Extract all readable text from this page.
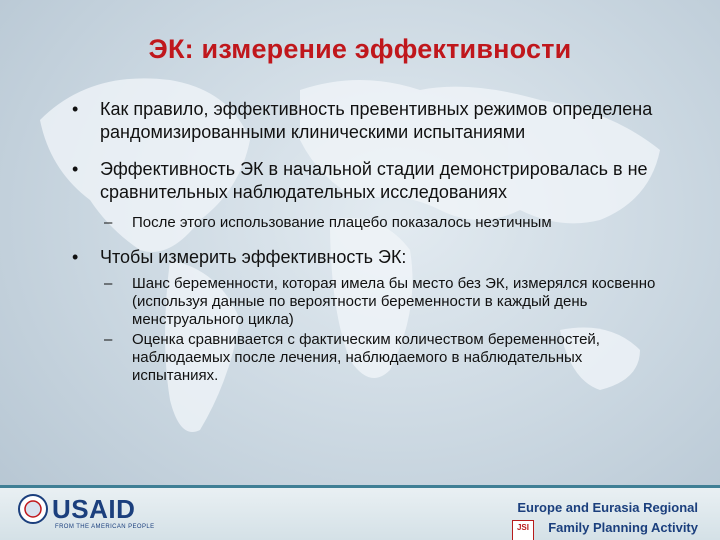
ЭК: измерение эффективности
• Как правило, эффективность превентивных режимов определена рандомизированными клиническими испытаниями
• Эффективность ЭК в начальной стадии демонстрировалась в не сравнительных наблюдательных исследованиях
– После этого использование плацебо показалось неэтичным
• Чтобы измерить эффективность ЭК:
– Шанс беременности, которая имела бы место без ЭК, измерялся косвенно (используя данные по вероятности беременности в каждый день менструального цикла)
– Оценка сравнивается с фактическим количеством беременностей, наблюдаемых после лечения, наблюдаемого в наблюдательных испытаниях.
USAID
FROM THE AMERICAN PEOPLE
Europe and Eurasia Regional
JSI	Family Planning Activity
